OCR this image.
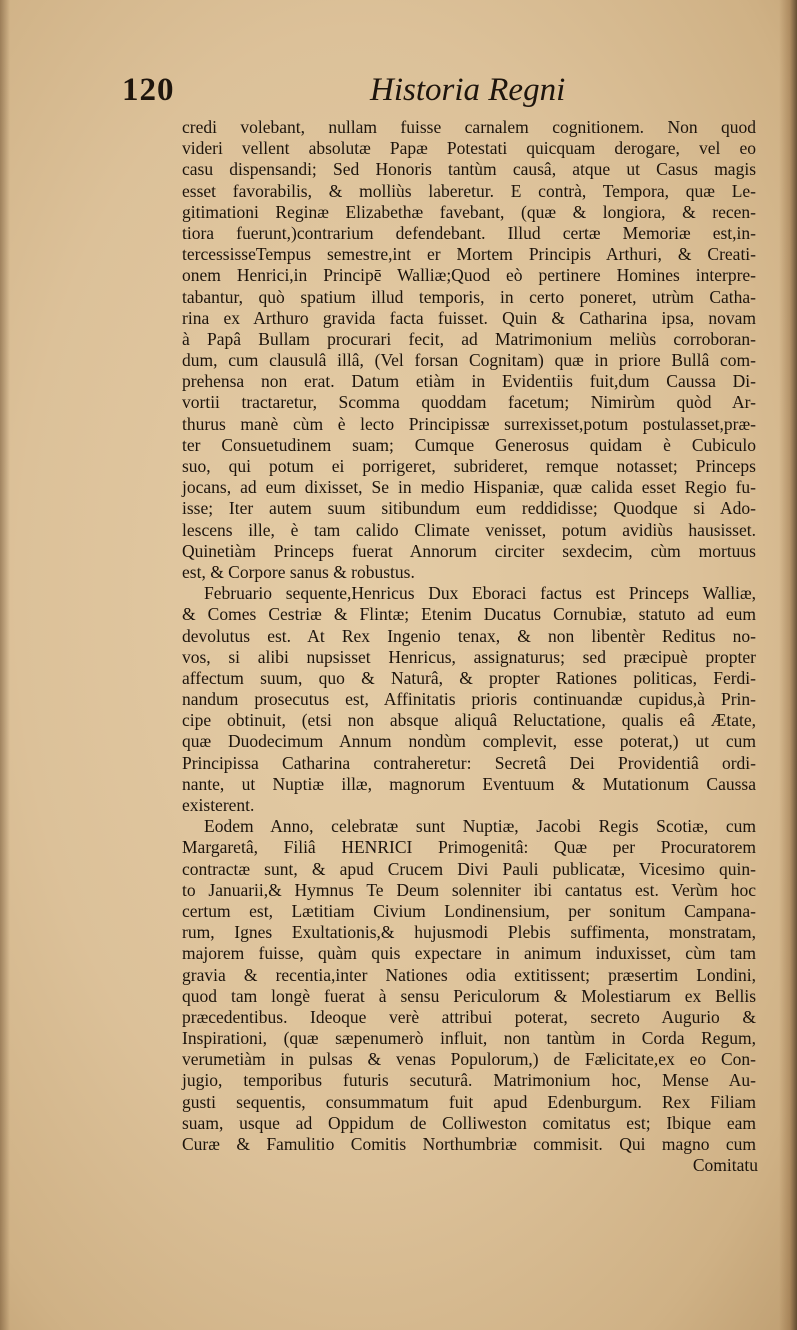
120	Historia Regni
credi volebant, nullam fuisse carnalem cognitionem. Non quod
videri vellent absolutæ Papæ Potestati quicquam derogare, vel eo
casu dispensandi; Sed Honoris tantùm causâ, atque ut Casus magis
esset favorabilis, & molliùs laberetur. E contrà, Tempora, quæ Le-
gitimationi Reginæ Elizabethæ favebant, (quæ & longiora, & recen-
tiora fuerunt,)contrarium defendebant. Illud certæ Memoriæ est,in-
tercessisseTempus semestre,int er Mortem Principis Arthuri, & Creati-
onem Henrici,in Principē Walliæ;Quod eò pertinere Homines interpre-
tabantur, quò spatium illud temporis, in certo poneret, utrùm Catha-
rina ex Arthuro gravida facta fuisset. Quin & Catharina ipsa, novam
à Papâ Bullam procurari fecit, ad Matrimonium meliùs corroboran-
dum, cum clausulâ illâ, (Vel forsan Cognitam) quæ in priore Bullâ com-
prehensa non erat. Datum etiàm in Evidentiis fuit,dum Caussa Di-
vortii tractaretur, Scomma quoddam facetum; Nimirùm quòd Ar-
thurus manè cùm è lecto Principissæ surrexisset,potum postulasset,præ-
ter Consuetudinem suam; Cumque Generosus quidam è Cubiculo
suo, qui potum ei porrigeret, subrideret, remque notasset; Princeps
jocans, ad eum dixisset, Se in medio Hispaniæ, quæ calida esset Regio fu-
isse; Iter autem suum sitibundum eum reddidisse; Quodque si Ado-
lescens ille, è tam calido Climate venisset, potum avidiùs hausisset.
Quinetiàm Princeps fuerat Annorum circiter sexdecim, cùm mortuus
est, & Corpore sanus & robustus.
Februario sequente,Henricus Dux Eboraci factus est Princeps Walliæ,
& Comes Cestriæ & Flintæ; Etenim Ducatus Cornubiæ, statuto ad eum
devolutus est. At Rex Ingenio tenax, & non libentèr Reditus no-
vos, si alibi nupsisset Henricus, assignaturus; sed præcipuè propter
affectum suum, quo & Naturâ, & propter Rationes politicas, Ferdi-
nandum prosecutus est, Affinitatis prioris continuandæ cupidus,à Prin-
cipe obtinuit, (etsi non absque aliquâ Reluctatione, qualis eâ Ætate,
quæ Duodecimum Annum nondùm complevit, esse poterat,) ut cum
Principissa Catharina contraheretur: Secretâ Dei Providentiâ ordi-
nante, ut Nuptiæ illæ, magnorum Eventuum & Mutationum Caussa
existerent.
Eodem Anno, celebratæ sunt Nuptiæ, Jacobi Regis Scotiæ, cum
Margaretâ, Filiâ HENRICI Primogenitâ: Quæ per Procuratorem
contractæ sunt, & apud Crucem Divi Pauli publicatæ, Vicesimo quin-
to Januarii,& Hymnus Te Deum solenniter ibi cantatus est. Verùm hoc
certum est, Lætitiam Civium Londinensium, per sonitum Campana-
rum, Ignes Exultationis,& hujusmodi Plebis suffimenta, monstratam,
majorem fuisse, quàm quis expectare in animum induxisset, cùm tam
gravia & recentia,inter Nationes odia extitissent; præsertim Londini,
quod tam longè fuerat à sensu Periculorum & Molestiarum ex Bellis
præcedentibus. Ideoque verè attribui poterat, secreto Augurio &
Inspirationi, (quæ sæpenumerò influit, non tantùm in Corda Regum,
verumetiàm in pulsas & venas Populorum,) de Fælicitate,ex eo Con-
jugio, temporibus futuris secuturâ. Matrimonium hoc, Mense Au-
gusti sequentis, consummatum fuit apud Edenburgum. Rex Filiam
suam, usque ad Oppidum de Colliweston comitatus est; Ibique eam
Curæ & Famulitio Comitis Northumbriæ commisit. Qui magno cum
Comitatu
